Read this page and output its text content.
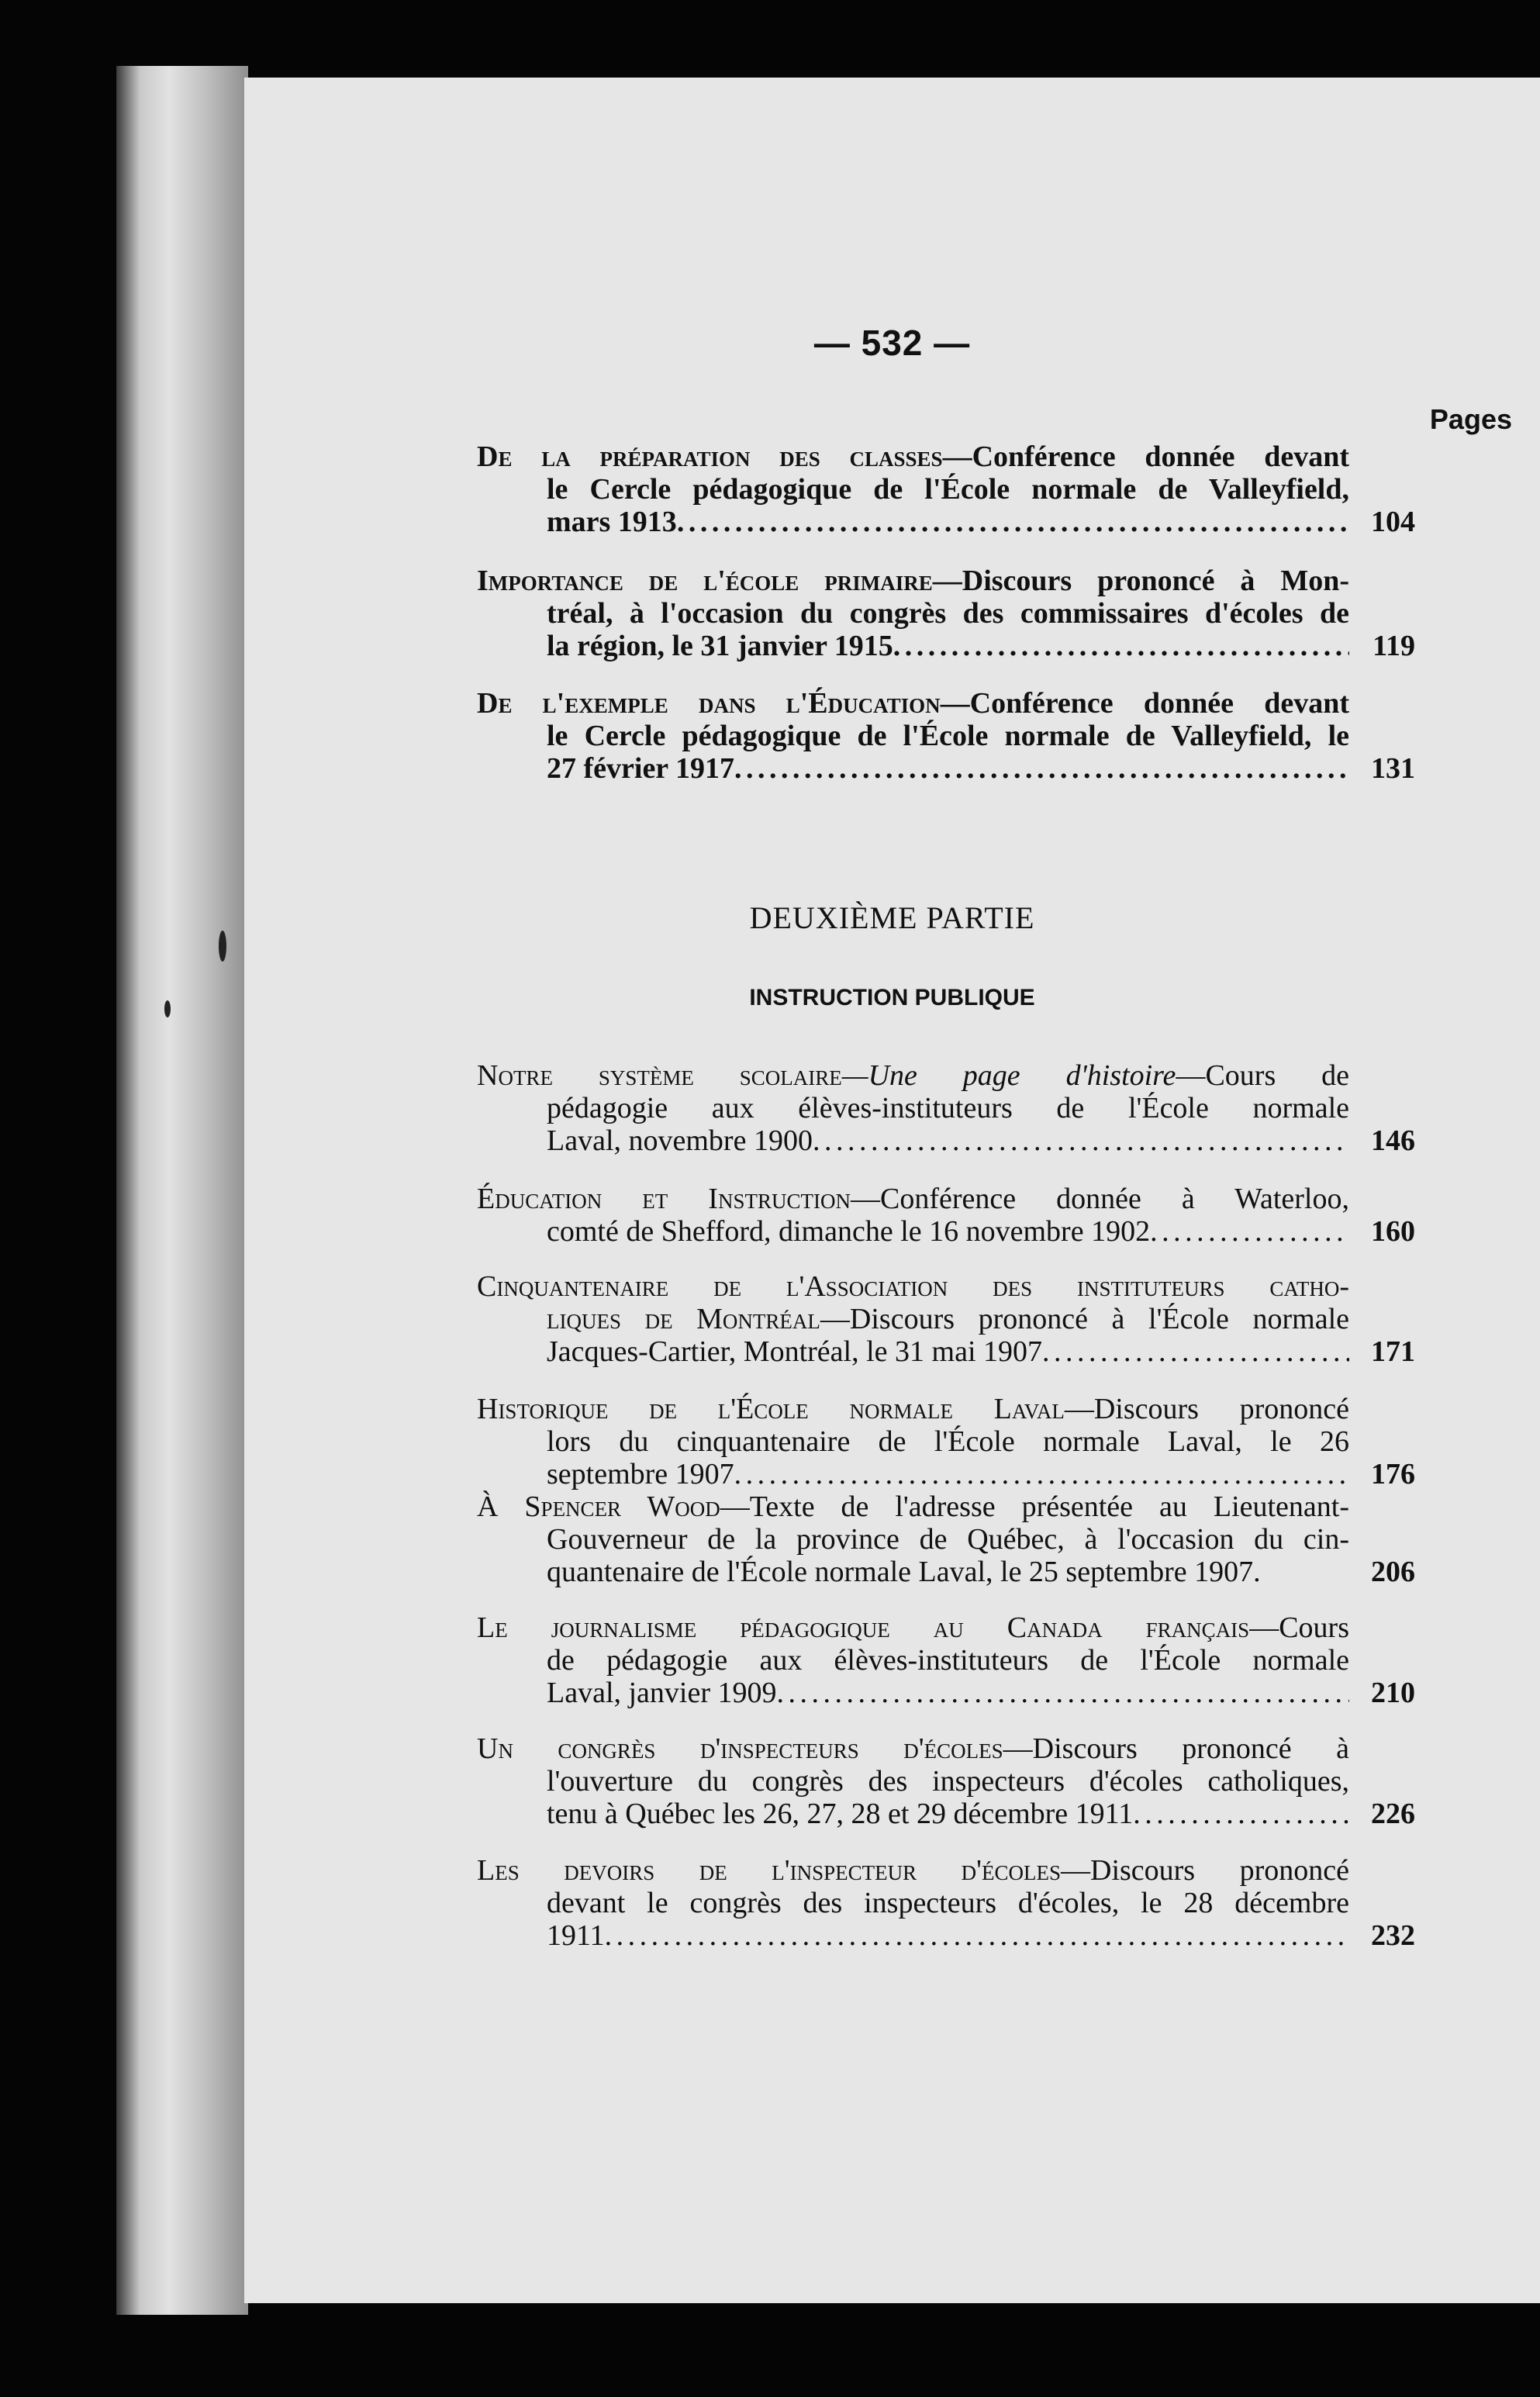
— 532 —
Pages
De la préparation des classes—Conférence donnée devant
le Cercle pédagogique de l'École normale de Valleyfield,
mars 1913 . . .	104
Importance de l'école primaire—Discours prononcé à Mon-
tréal, à l'occasion du congrès des commissaires d'écoles de
la région, le 31 janvier 1915 . . .	119
De l'exemple dans l'Éducation—Conférence donnée devant
le Cercle pédagogique de l'École normale de Valleyfield, le
27 février 1917 . . .	131
DEUXIÈME PARTIE
INSTRUCTION PUBLIQUE
Notre système scolaire—Une page d'histoire—Cours de
pédagogie aux élèves-instituteurs de l'École normale
Laval, novembre 1900 . . .	146
Éducation et Instruction—Conférence donnée à Waterloo,
comté de Shefford, dimanche le 16 novembre 1902 . . .	160
Cinquantenaire de l'Association des instituteurs catho-
liques de Montréal—Discours prononcé à l'École normale
Jacques-Cartier, Montréal, le 31 mai 1907 . . .	171
Historique de l'École normale Laval—Discours prononcé
lors du cinquantenaire de l'École normale Laval, le 26
septembre 1907 . . .	176
À Spencer Wood—Texte de l'adresse présentée au Lieutenant-
Gouverneur de la province de Québec, à l'occasion du cin-
quantenaire de l'École normale Laval, le 25 septembre 1907.	206
Le journalisme pédagogique au Canada français—Cours
de pédagogie aux élèves-instituteurs de l'École normale
Laval, janvier 1909 . . .	210
Un congrès d'inspecteurs d'écoles—Discours prononcé à
l'ouverture du congrès des inspecteurs d'écoles catholiques,
tenu à Québec les 26, 27, 28 et 29 décembre 1911 . . .	226
Les devoirs de l'inspecteur d'écoles—Discours prononcé
devant le congrès des inspecteurs d'écoles, le 28 décembre
1911 . . .	232
